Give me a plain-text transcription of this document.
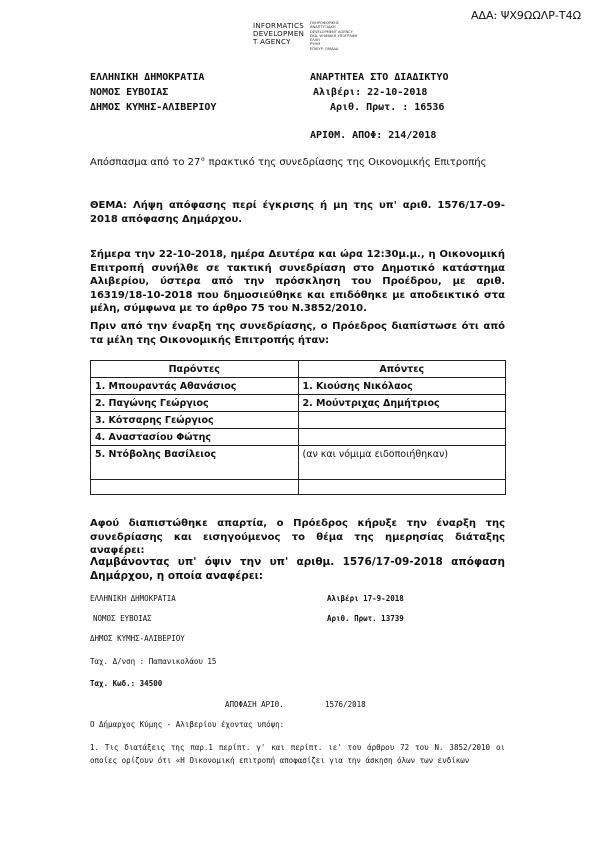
ΑΔΑ: ΨΧ9ΩΩΛΡ-Τ4Ω
INFORMATICS
DEVELOPMEN
T AGENCY
ΠΛΗΡΟΦΟΡΙΚΗΣ
ΑΝΑΠΤΥΞΙΑΚΗ
DEVELOPMENT AGENCY
ΕΚΔ. ΨΗΦΙΑΚΗ ΥΠΟΓΡΑΦΗ
ΕΛΛΗ
ΡΥΘΜ
ΕΠΙΚΥΡ. ΟΜΑΔΑ
ΕΛΛΗΝΙΚΗ ΔΗΜΟΚΡΑΤΙΑ
ΝΟΜΟΣ ΕΥΒΟΙΑΣ
ΔΗΜΟΣ ΚΥΜΗΣ-ΑΛΙΒΕΡΙΟΥ
ΑΝΑΡΤΗΤΕΑ ΣΤΟ ΔΙΑΔΙΚΤΥΟ
Αλιβέρι: 22-10-2018
Αριθ. Πρωτ. : 16536
ΑΡΙΘΜ. ΑΠΟΦ: 214/2018
Απόσπασμα από το 27° πρακτικό της συνεδρίασης της Οικονομικής Επιτροπής
ΘΕΜΑ: Λήψη απόφασης περί έγκρισης ή μη της υπ' αριθ. 1576/17-09-2018 απόφασης Δημάρχου.
Σήμερα την 22-10-2018, ημέρα Δευτέρα και ώρα 12:30μ.μ., η Οικονομική Επιτροπή συνήλθε σε τακτική συνεδρίαση στο Δημοτικό κατάστημα Αλιβερίου, ύστερα από την πρόσκληση του Προέδρου, με αριθ. 16319/18-10-2018 που δημοσιεύθηκε και επιδόθηκε με αποδεικτικό στα μέλη, σύμφωνα με το άρθρο 75 του Ν.3852/2010.
Πριν από την έναρξη της συνεδρίασης, ο Πρόεδρος διαπίστωσε ότι από τα μέλη της Οικονομικής Επιτροπής ήταν:
Παρόντες	Απόντες
1. Μπουραντάς Αθανάσιος	1. Κιούσης Νικόλαος
2. Παγώνης Γεώργιος	2. Μούντριχας Δημήτριος
3. Κότσαρης Γεώργιος	
4. Αναστασίου Φώτης	
5. Ντόβολης Βασίλειος	(αν και νόμιμα ειδοποιήθηκαν)

Αφού διαπιστώθηκε απαρτία, ο Πρόεδρος κήρυξε την έναρξη της συνεδρίασης και εισηγούμενος το θέμα της ημερησίας διάταξης αναφέρει:
Λαμβάνοντας υπ' όψιν την υπ' αριθμ. 1576/17-09-2018 απόφαση Δημάρχου, η οποία αναφέρει:
ΕΛΛΗΝΙΚΗ ΔΗΜΟΚΡΑΤΙΑ
ΝΟΜΟΣ ΕΥΒΟΙΑΣ
ΔΗΜΟΣ ΚΥΜΗΣ-ΑΛΙΒΕΡΙΟΥ
Αλιβέρι 17-9-2018
Αριθ. Πρωτ. 13739
Ταχ. Δ/νση : Παπανικολάου 15
Ταχ. Κωδ.: 34500
ΑΠΟΦΑΣΗ ΑΡΙΘ.	1576/2018
Ο Δήμαρχος Κύμης - Αλιβερίου έχοντας υπόψη:
1. Τις διατάξεις της παρ.1 περίπτ. γ' και περίπτ. ιε' του άρθρου 72 του Ν. 3852/2010 οι οποίες ορίζουν ότι «Η Οικονομική επιτροπή αποφασίζει για την άσκηση όλων των ενδίκων
